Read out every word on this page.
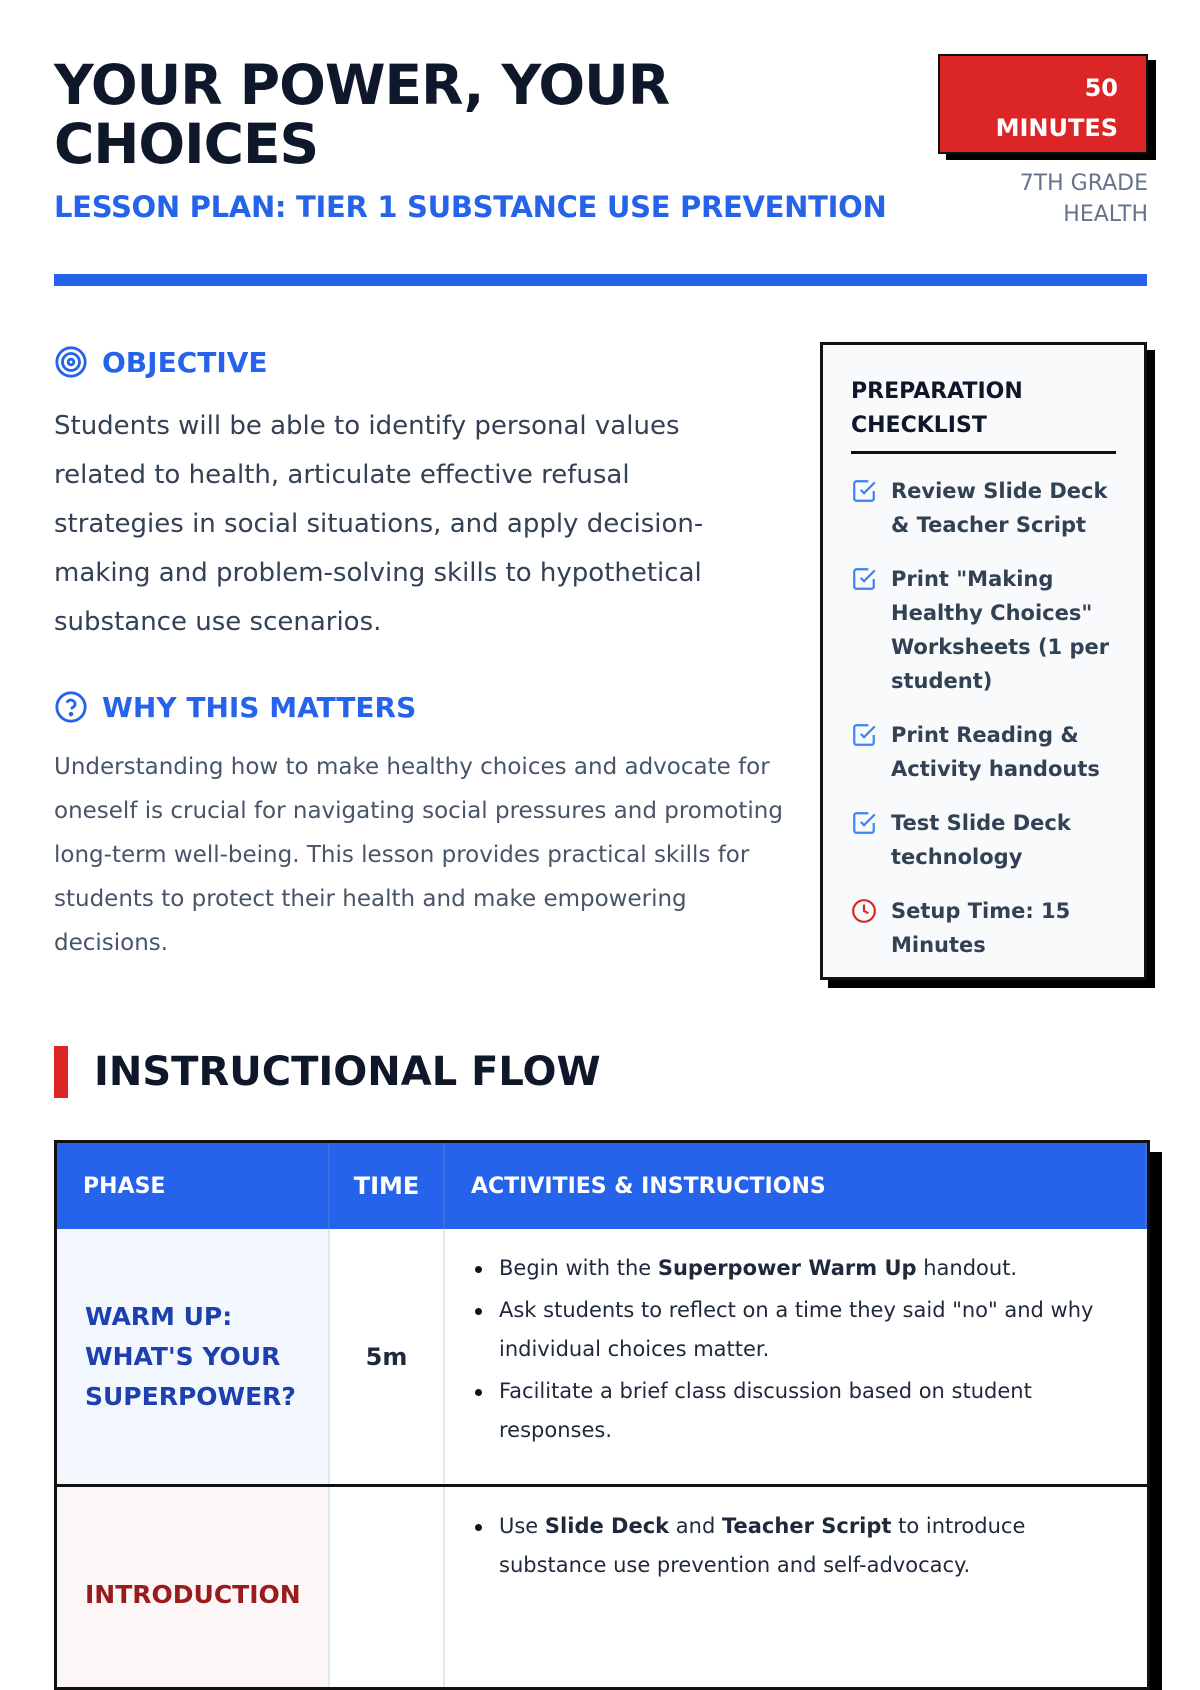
YOUR POWER, YOUR CHOICES
LESSON PLAN: TIER 1 SUBSTANCE USE PREVENTION
50
MINUTES
7TH GRADE
HEALTH
OBJECTIVE

Students will be able to identify personal values related to health, articulate effective refusal strategies in social situations, and apply decision-making and problem-solving skills to hypothetical substance use scenarios.

WHY THIS MATTERS

Understanding how to make healthy choices and advocate for oneself is crucial for navigating social pressures and promoting long-term well-being. This lesson provides practical skills for students to protect their health and make empowering decisions.

PREPARATION CHECKLIST
Review Slide Deck & Teacher Script
Print "Making Healthy Choices" Worksheets (1 per student)
Print Reading & Activity handouts
Test Slide Deck technology
Setup Time: 15 Minutes
INSTRUCTIONAL FLOW
PHASE	TIME	ACTIVITIES & INSTRUCTIONS
WARM UP: WHAT'S YOUR SUPERPOWER?
5m
Begin with the Superpower Warm Up handout.
Ask students to reflect on a time they said "no" and why individual choices matter.
Facilitate a brief class discussion based on student responses.
INTRODUCTION
Use Slide Deck and Teacher Script to introduce substance use prevention and self-advocacy.
